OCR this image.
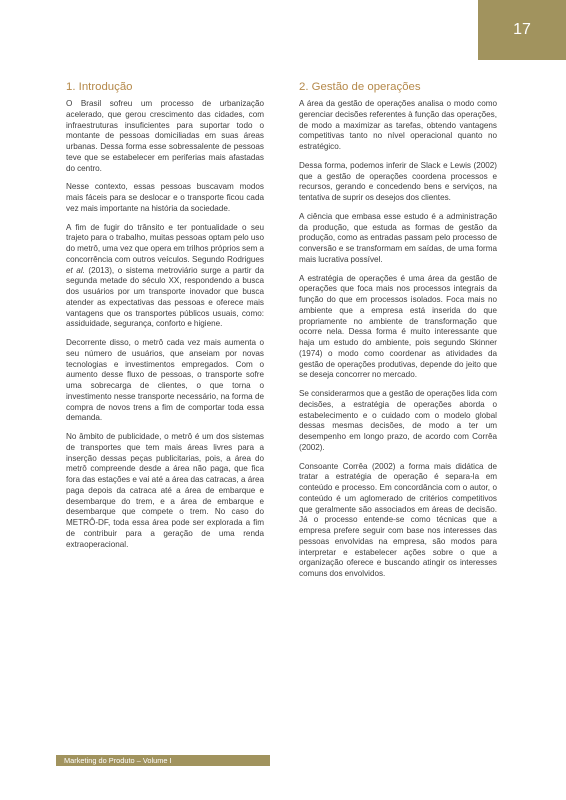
17
1. Introdução

O Brasil sofreu um processo de urbanização acelerado, que gerou crescimento das cidades, com infraestruturas insuficientes para suportar todo o montante de pessoas domiciliadas em suas áreas urbanas. Dessa forma esse sobressalente de pessoas teve que se estabelecer em periferias mais afastadas do centro.

Nesse contexto, essas pessoas buscavam modos mais fáceis para se deslocar e o transporte ficou cada vez mais importante na história da sociedade.

A fim de fugir do trânsito e ter pontualidade o seu trajeto para o trabalho, muitas pessoas optam pelo uso do metrô, uma vez que opera em trilhos próprios sem a concorrência com outros veículos. Segundo Rodrigues et al. (2013), o sistema metroviário surge a partir da segunda metade do século XX, respondendo a busca dos usuários por um transporte inovador que busca atender as expectativas das pessoas e oferece mais vantagens que os transportes públicos usuais, como: assiduidade, segurança, conforto e higiene.

Decorrente disso, o metrô cada vez mais aumenta o seu número de usuários, que anseiam por novas tecnologias e investimentos empregados. Com o aumento desse fluxo de pessoas, o transporte sofre uma sobrecarga de clientes, o que torna o investimento nesse transporte necessário, na forma de compra de novos trens a fim de comportar toda essa demanda.

No âmbito de publicidade, o metrô é um dos sistemas de transportes que tem mais áreas livres para a inserção dessas peças publicitarias, pois, a área do metrô compreende desde a área não paga, que fica fora das estações e vai até a área das catracas, a área paga depois da catraca até a área de embarque e desembarque do trem, e a área de embarque e desembarque que compete o trem. No caso do METRÔ-DF, toda essa área pode ser explorada a fim de contribuir para a geração de uma renda extraoperacional.

2. Gestão de operações

A área da gestão de operações analisa o modo como gerenciar decisões referentes à função das operações, de modo a maximizar as tarefas, obtendo vantagens competitivas tanto no nível operacional quanto no estratégico.

Dessa forma, podemos inferir de Slack e Lewis (2002) que a gestão de operações coordena processos e recursos, gerando e concedendo bens e serviços, na tentativa de suprir os desejos dos clientes.

A ciência que embasa esse estudo é a administração da produção, que estuda as formas de gestão da produção, como as entradas passam pelo processo de conversão e se transformam em saídas, de uma forma mais lucrativa possível.

A estratégia de operações é uma área da gestão de operações que foca mais nos processos integrais da função do que em processos isolados. Foca mais no ambiente que a empresa está inserida do que propriamente no ambiente de transformação que ocorre nela. Dessa forma é muito interessante que haja um estudo do ambiente, pois segundo Skinner (1974) o modo como coordenar as atividades da gestão de operações produtivas, depende do jeito que se deseja concorrer no mercado.

Se considerarmos que a gestão de operações lida com decisões, a estratégia de operações aborda o estabelecimento e o cuidado com o modelo global dessas mesmas decisões, de modo a ter um desempenho em longo prazo, de acordo com Corrêa (2002).

Consoante Corrêa (2002) a forma mais didática de tratar a estratégia de operação é separa-la em conteúdo e processo. Em concordância com o autor, o conteúdo é um aglomerado de critérios competitivos que geralmente são associados em áreas de decisão. Já o processo entende-se como técnicas que a empresa prefere seguir com base nos interesses das pessoas envolvidas na empresa, são modos para interpretar e estabelecer ações sobre o que a organização oferece e buscando atingir os interesses comuns dos envolvidos.

Marketing do Produto – Volume I
